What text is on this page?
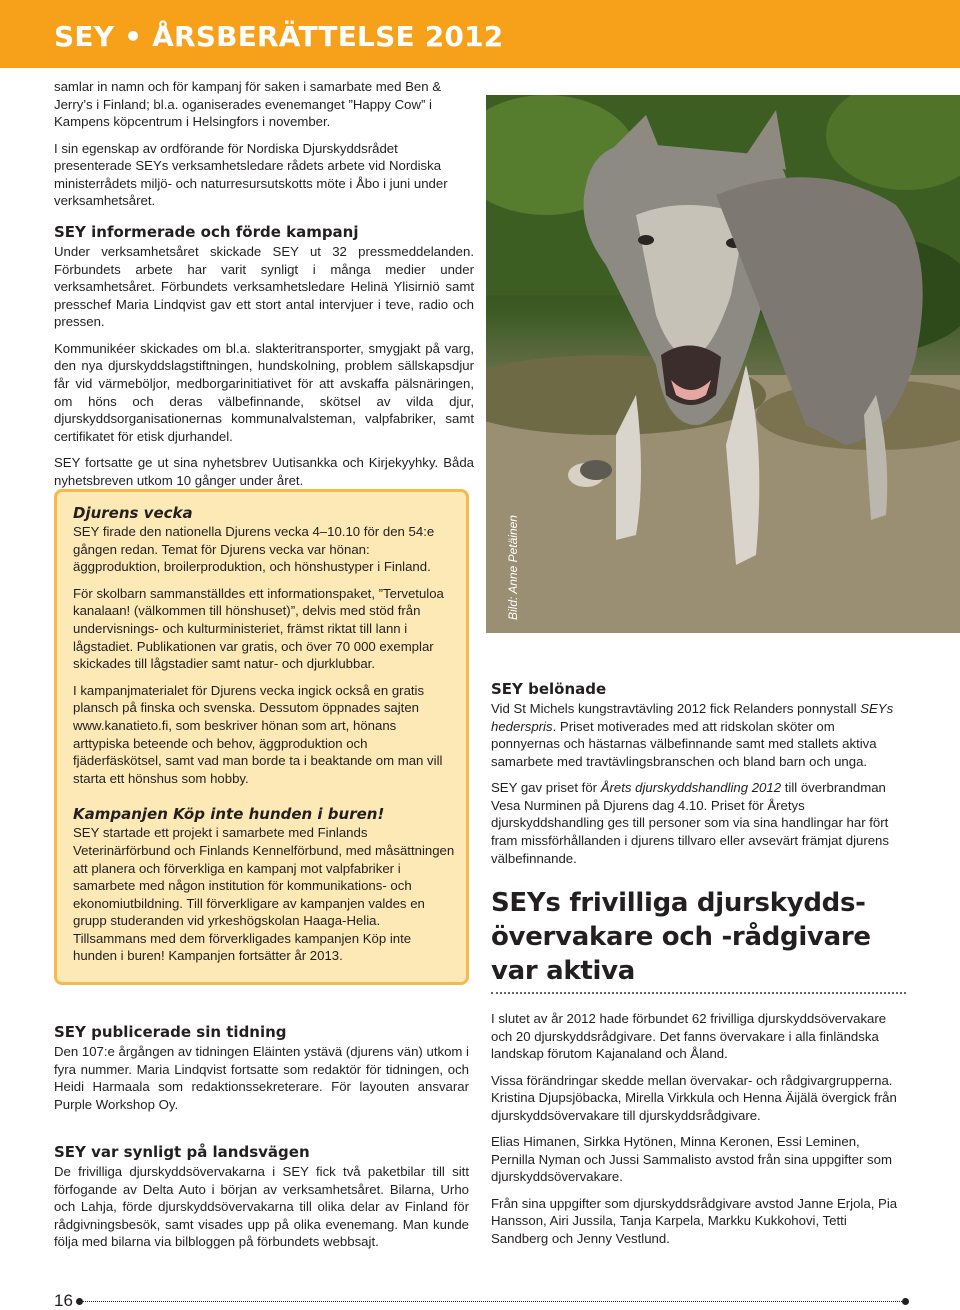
SEY • ÅRSBERÄTTELSE 2012

samlar in namn och för kampanj för saken i samarbate med Ben & Jerry’s i Finland; bl.a. oganiserades evenemanget ”Happy Cow” i Kampens köpcentrum i Helsingfors i november.

I sin egenskap av ordförande för Nordiska Djurskyddsrådet presenterade SEYs verksamhetsledare rådets arbete vid Nordiska ministerrådets miljö- och naturresursutskotts möte i Åbo i juni under verksamhetsåret.

SEY informerade och förde kampanj

Under verksamhetsåret skickade SEY ut 32 pressmeddelanden. Förbundets arbete har varit synligt i många medier under verksamhetsåret. Förbundets verksamhetsledare Helinä Ylisirniö samt presschef Maria Lindqvist gav ett stort antal intervjuer i teve, radio och pressen.

Kommunikéer skickades om bl.a. slakteritransporter, smygjakt på varg, den nya djurskyddslagstiftningen, hundskolning, problem sällskapsdjur får vid värmeböljor, medborgarinitiativet för att avskaffa pälsnäringen, om höns och deras välbefinnande, skötsel av vilda djur, djurskyddsorganisationernas kommunalvalsteman, valpfabriker, samt certifikatet för etisk djurhandel.

SEY fortsatte ge ut sina nyhetsbrev Uutisankka och Kirjekyyhky. Båda nyhetsbreven utkom 10 gånger under året.

Bild: Anne Petäinen
Djurens vecka

SEY firade den nationella Djurens vecka 4–10.10 för den 54:e gången redan. Temat för Djurens vecka var hönan: äggproduktion, broilerproduktion, och hönshustyper i Finland.

För skolbarn sammanställdes ett informationspaket, ”Tervetuloa kanalaan! (välkommen till hönshuset)”, delvis med stöd från undervisnings- och kulturministeriet, främst riktat till lann i lågstadiet. Publikationen var gratis, och över 70 000 exemplar skickades till lågstadier samt natur- och djurklubbar.

I kampanjmaterialet för Djurens vecka ingick också en gratis plansch på finska och svenska. Dessutom öppnades sajten www.kanatieto.fi, som beskriver hönan som art, hönans arttypiska beteende och behov, äggproduktion och fjäderfäskötsel, samt vad man borde ta i beaktande om man vill starta ett hönshus som hobby.

Kampanjen Köp inte hunden i buren!

SEY startade ett projekt i samarbete med Finlands Veterinärförbund och Finlands Kennelförbund, med måsättningen att planera och förverkliga en kampanj mot valpfabriker i samarbete med någon institution för kommunikations- och ekonomiutbildning. Till förverkligare av kampanjen valdes en grupp studeranden vid yrkeshögskolan Haaga-Helia. Tillsammans med dem förverkligades kampanjen Köp inte hunden i buren! Kampanjen fortsätter år 2013.

SEY belönade

Vid St Michels kungstravtävling 2012 fick Relanders ponnystall SEYs hederspris. Priset motiverades med att ridskolan sköter om ponnyernas och hästarnas välbefinnande samt med stallets aktiva samarbete med travtävlingsbranschen och bland barn och unga.

SEY gav priset för Årets djurskyddshandling 2012 till överbrandman Vesa Nurminen på Djurens dag 4.10. Priset för Åretys djurskyddshandling ges till personer som via sina handlingar har fört fram missförhållanden i djurens tillvaro eller avsevärt främjat djurens välbefinnande.

SEYs frivilliga djurskydds- övervakare och -rådgivare var aktiva

I slutet av år 2012 hade förbundet 62 frivilliga djurskyddsövervakare och 20 djurskyddsrådgivare. Det fanns övervakare i alla finländska landskap förutom Kajanaland och Åland.

Vissa förändringar skedde mellan övervakar- och rådgivargrupperna. Kristina Djupsjöbacka, Mirella Virkkula och Henna Äijälä övergick från djurskyddsövervakare till djurskyddsrådgivare.

Elias Himanen, Sirkka Hytönen, Minna Keronen, Essi Leminen, Pernilla Nyman och Jussi Sammalisto avstod från sina uppgifter som djurskyddsövervakare.

Från sina uppgifter som djurskyddsrådgivare avstod Janne Erjola, Pia Hansson, Airi Jussila, Tanja Karpela, Markku Kukkohovi, Tetti Sandberg och Jenny Vestlund.

SEY publicerade sin tidning

Den 107:e årgången av tidningen Eläinten ystävä (djurens vän) utkom i fyra nummer. Maria Lindqvist fortsatte som redaktör för tidningen, och Heidi Harmaala som redaktionssekreterare. För layouten ansvarar Purple Workshop Oy.

SEY var synligt på landsvägen

De frivilliga djurskyddsövervakarna i SEY fick två paketbilar till sitt förfogande av Delta Auto i början av verksamhetsåret. Bilarna, Urho och Lahja, förde djurskyddsövervakarna till olika delar av Finland för rådgivningsbesök, samt visades upp på olika evenemang. Man kunde följa med bilarna via bilbloggen på förbundets webbsajt.

16
